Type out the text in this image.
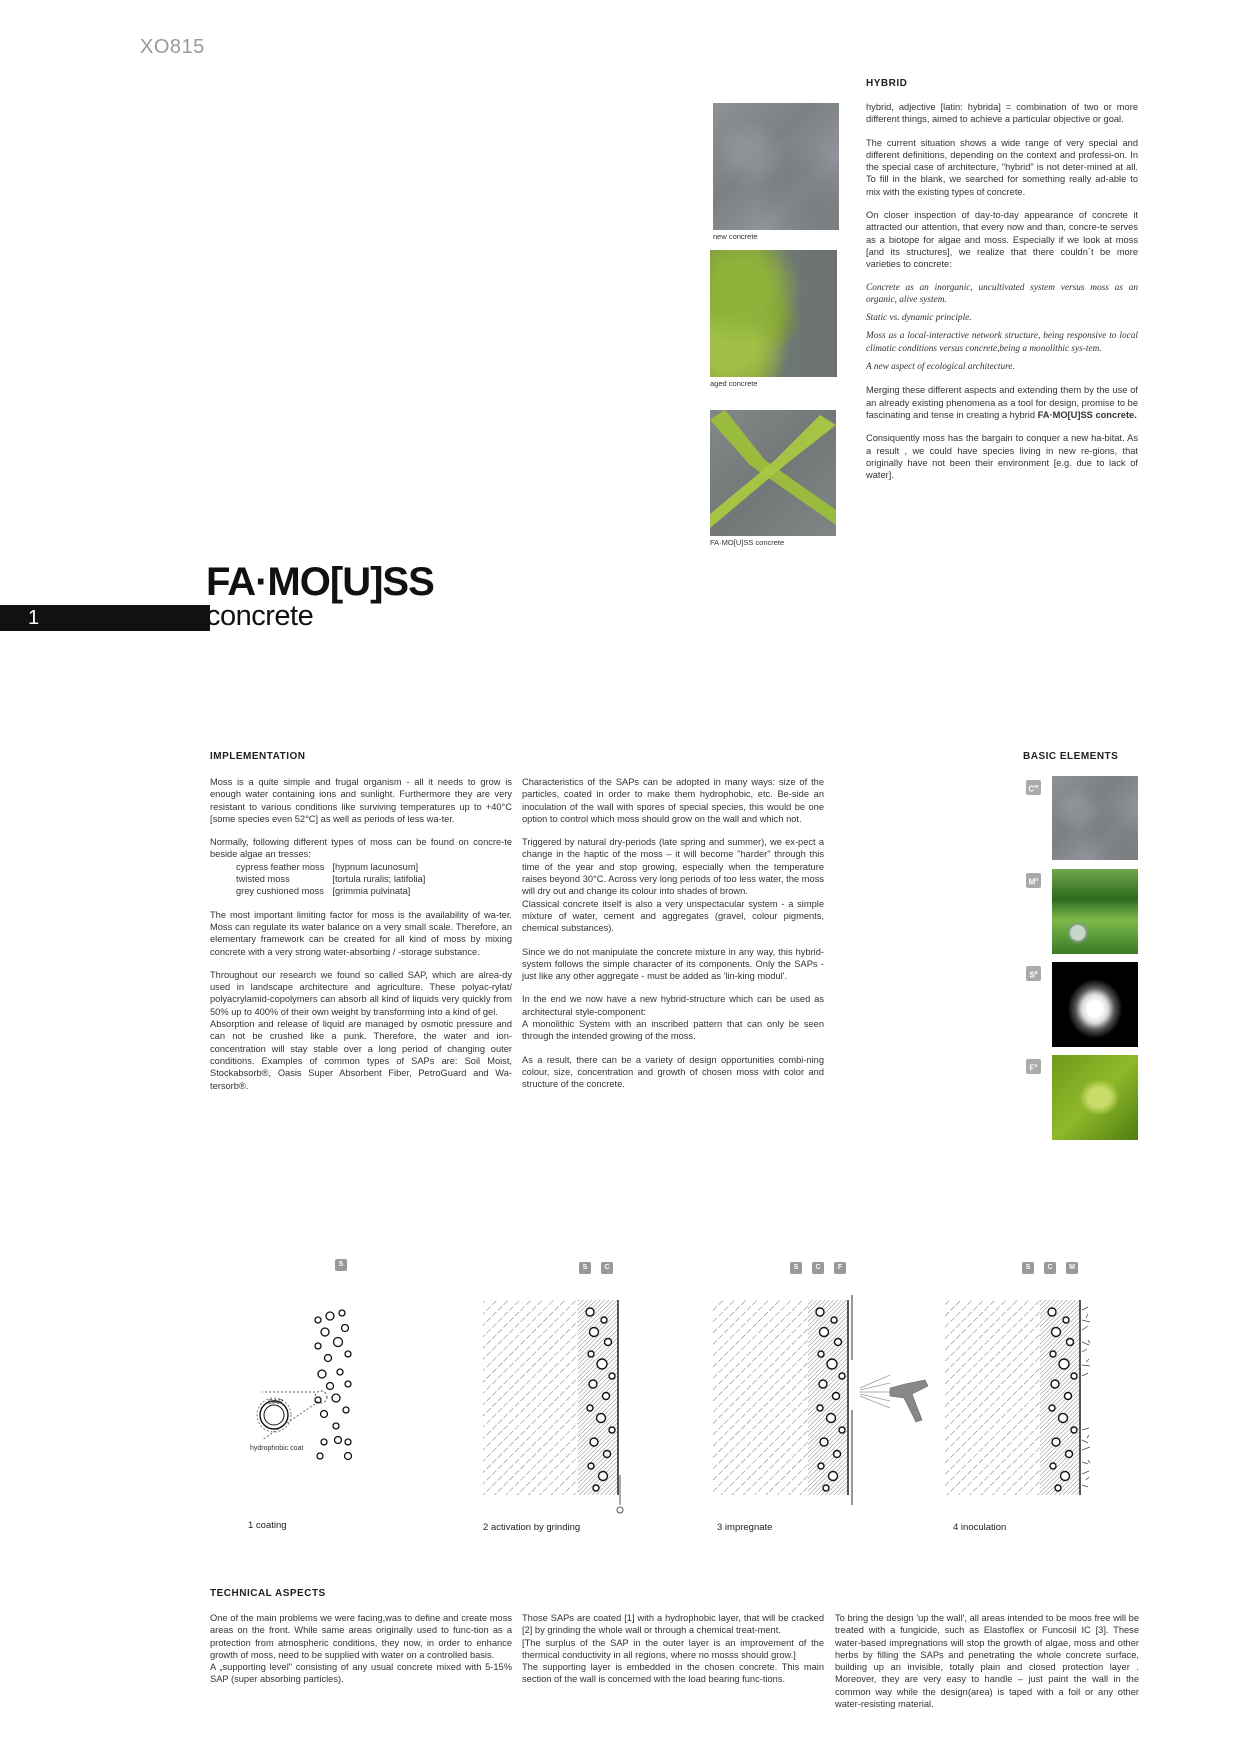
XO815
new concrete
aged concrete
FA·MO[U]SS concrete
HYBRID

hybrid, adjective [latin: hybrida] = combination of two or more different things, aimed to achieve a particular objective or goal.

The current situation shows a wide range of very special and different definitions, depending on the context and professi-on. In the special case of architecture, "hybrid" is not deter-mined at all. To fill in the blank, we searched for something really ad-able to mix with the existing types of concrete.

On closer inspection of day-to-day appearance of concrete it attracted our attention, that every now and than, concre-te serves as a biotope for algae and moss. Especially if we look at moss [and its structures], we realize that there couldn´t be more varieties to concrete:

Concrete as an inorganic, uncultivated system versus moss as an organic, alive system.

Static vs. dynamic principle.

Moss as a local-interactive network structure, being responsive to local climatic conditions versus concrete,being a monolithic sys-tem.

A new aspect of ecological architecture.

Merging these different aspects and extending them by the use of an already existing phenomena as a tool for design, promise to be fascinating and tense in creating a hybrid FA·MO[U]SS concrete.

Consiquently moss has the bargain to conquer a new ha-bitat. As a result , we could have species living in new re-gions, that originally have not been their environment [e.g. due to lack of water].

1
FA·MO[U]SS
concrete
IMPLEMENTATION

Moss is a quite simple and frugal organism - all it needs to grow is enough water containing ions and sunlight. Furthermore they are very resistant to various conditions like surviving temperatures up to +40°C [some species even 52°C] as well as periods of less wa-ter.

Normally, following different types of moss can be found on concre-te beside algae an tresses:

cypress feather moss	[hypnum lacunosum]
twisted moss	[tortula ruralis; latifolia]
grey cushioned moss	[grimmia pulvinata]

The most important limiting factor for moss is the availability of wa-ter. Moss can regulate its water balance on a very small scale. Therefore, an elementary framework can be created for all kind of moss by mixing concrete with a very strong water-absorbing / -storage substance.

Throughout our research we found so called SAP, which are alrea-dy used in landscape architecture and agriculture. These polyac-rylat/ polyacrylamid-copolymers can absorb all kind of liquids very quickly from 50% up to 400% of their own weight by transforming into a kind of gel.

Absorption and release of liquid are managed by osmotic pressure and can not be crushed like a punk. Therefore, the water and ion-concentration will stay stable over a long period of changing outer conditions. Examples of common types of SAPs are: Soil Moist, Stockabsorb®, Oasis Super Absorbent Fiber, PetroGuard and Wa-tersorb®.

Characteristics of the SAPs can be adopted in many ways: size of the particles, coated in order to make them hydrophobic, etc. Be-side an inoculation of the wall with spores of special species, this would be one option to control which moss should grow on the wall and which not.

Triggered by natural dry-periods (late spring and summer), we ex-pect a change in the haptic of the moss – it will become "harder" through this time of the year and stop growing, especially when the temperature raises beyond 30°C. Across very long periods of too less water, the moss will dry out and change its colour into shades of brown.

Classical concrete itself is also a very unspectacular system - a simple mixture of water, cement and aggregates (gravel, colour pigments, chemical substances).

Since we do not manipulate the concrete mixture in any way, this hybrid-system follows the simple character of its components. Only the SAPs - just like any other aggregate - must be added as 'lin-king modul'.

In the end we now have a new hybrid-structure which can be used as architectural style-component:

A monolithic System with an inscribed pattern that can only be seen through the intended growing of the moss.

As a result, there can be a variety of design opportunities combi-ning colour, size, concentration and growth of chosen moss with color and structure of the concrete.

BASIC ELEMENTS
$C^m$
$M^o$
$S^a$
$F^u$
S	S	C	S	C	F	S	C	M
SAP
hydrophobic coat
1 coating	2 activation by grinding	3 impregnate	4 inoculation
TECHNICAL ASPECTS

One of the main problems we were facing,was to define and create moss areas on the front. While same areas originally used to func-tion as a protection from atmospheric conditions, they now, in order to enhance growth of moss, need to be supplied with water on a controlled basis.

A „supporting level" consisting of any usual concrete mixed with 5-15% SAP (super absorbing particles).

Those SAPs are coated [1] with a hydrophobic layer, that will be cracked [2] by grinding the whole wall or through a chemical treat-ment.

[The surplus of the SAP in the outer layer is an improvement of the thermical conductivity in all regions, where no mosss should grow.]

The supporting layer is embedded in the chosen concrete. This main section of the wall is concerned with the load bearing func-tions.

To bring the design 'up the wall', all areas intended to be moos free will be treated with a fungicide, such as Elastoflex or Funcosil IC [3]. These water-based impregnations will stop the growth of algae, moss and other herbs by filling the SAPs and penetrating the whole concrete surface, building up an invisible, totally plain and closed protection layer . Moreover, they are very easy to handle – just paint the wall in the common way while the design(area) is taped with a foil or any other water-resisting material.
